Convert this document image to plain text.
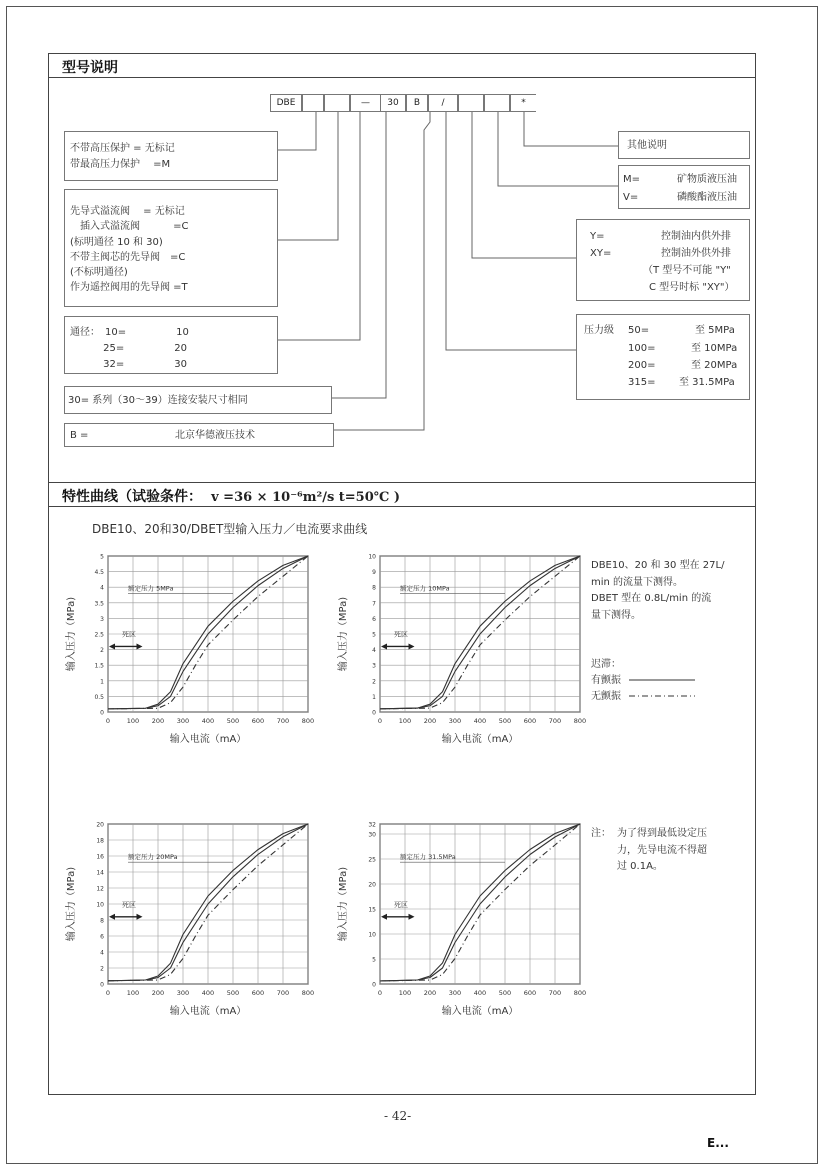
型号说明
DBE	—	30	B	/	*
不带高压保护 = 无标记
带最高压力保护　 =M
先导式溢流阀　 = 无标记
　插入式溢流阀　　　 =C
(标明通径 10 和 30)
不带主阀芯的先导阀　=C
(不标明通径)
作为遥控阀用的先导阀 =T
通径：　10=　　　　　10
　　　 25=　　　　　20
　　　 32=　　　　　30
30= 系列（30～39）连接安装尺寸相同
B =	北京华德液压技术
其他说明
M=	矿物质液压油
V=	磷酸酯液压油
Y=	控制油内供外排
XY=	控制油外供外排
（T 型号不可能 "Y"
C 型号时标 "XY"）
压力级 50=	至 5MPa
100=	至 10MPa
200=	至 20MPa
315= 至 31.5MPa
特性曲线（试验条件： v =36 × 10⁻⁶m²/s t=50℃ )
DBE10、20和30/DBET型输入压力／电流要求曲线
0	100 200 300 400 500 600 700 800
0
0.5
1
1.5
2
2.5
3
3.5
4
4.5
5
输入电流（mA）
输入压力（MPa)
额定压力 5MPa
死区
0	100 200 300 400 500 600 700 800
0
1
2
3
4
5
6
7
8
9
10
输入电流（mA）
输入压力（MPa)
额定压力 10MPa
死区
0	100 200 300 400 500 600 700 800
0
2
4
6
8
10
12
14
16
18
20
输入电流（mA）
输入压力（MPa)
额定压力 20MPa
死区
0	100 200 300 400 500 600 700 800
0
5
10
15
20
25
30
32
输入电流（mA）
输入压力（MPa)
额定压力 31.5MPa
死区
DBE10、20 和 30 型在 27L/
min 的流量下测得。
DBET 型在 0.8L/min 的流
量下测得。
迟滞：
有颤振
无颤振
注： 为了得到最低设定压
力，先导电流不得超
过 0.1A。
- 42-
E...
